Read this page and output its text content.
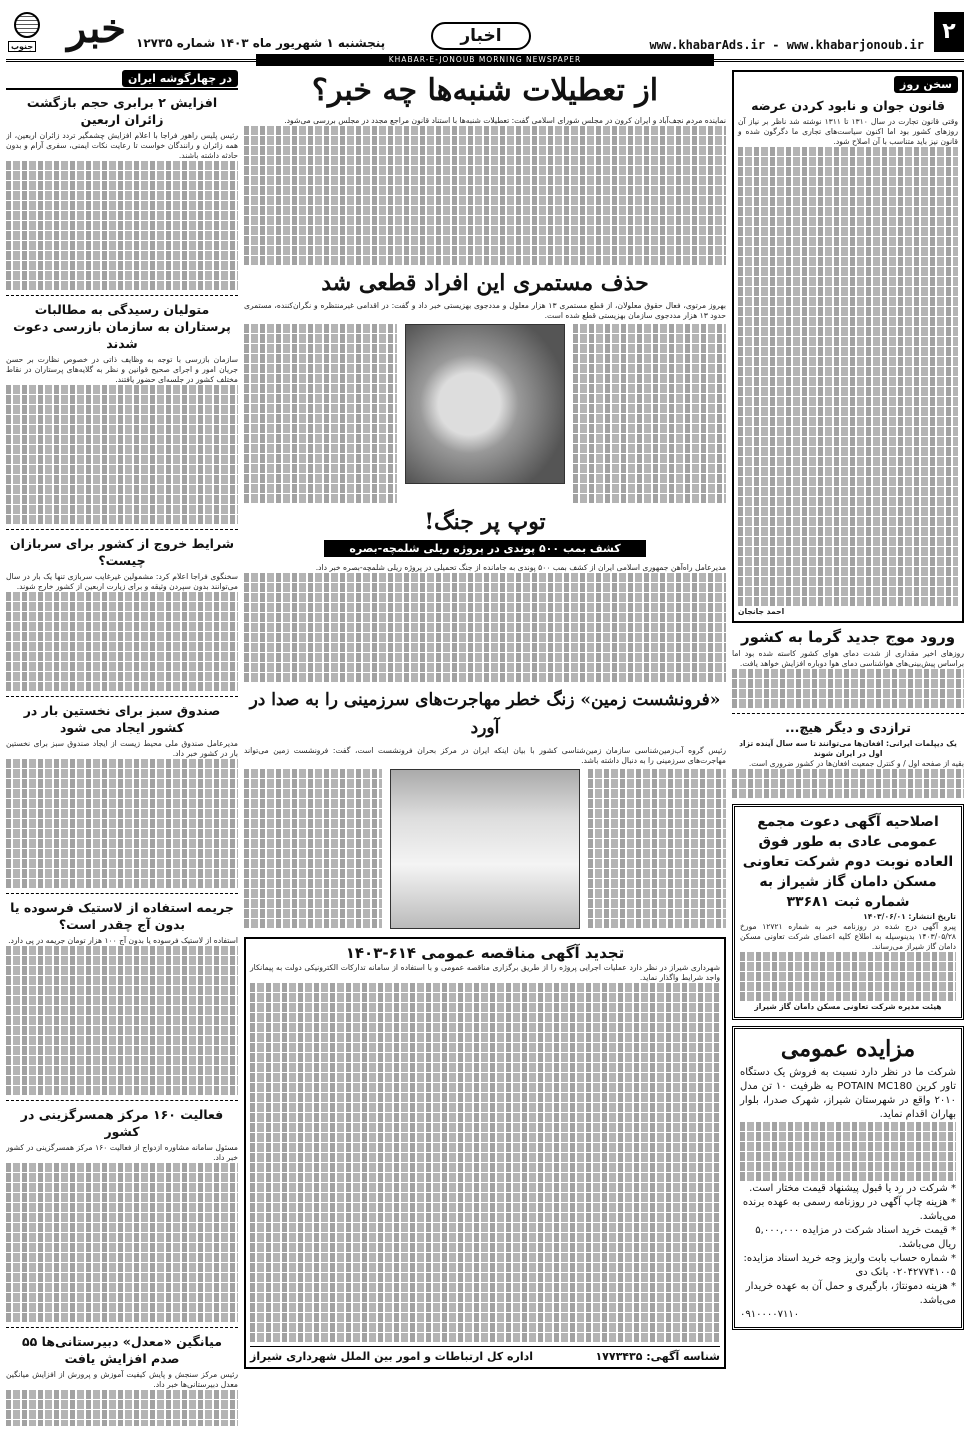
خبر
جنوب	پنجشنبه ۱ شهریور ماه ۱۴۰۳ شماره ۱۲۷۳۵	اخبار	www.khabarAds.ir - www.khabarjonoub.ir
۲
KHABAR-E-JONOUB MORNING NEWSPAPER
در چهارگوشه ایران
افزایش ۲ برابری حجم بازگشت زائران اربعین

رئیس پلیس راهور فراجا با اعلام افزایش چشمگیر تردد زائران اربعین، از همه زائران و رانندگان خواست تا رعایت نکات ایمنی، سفری آرام و بدون حادثه داشته باشند.

متولیان رسیدگی به مطالبات پرستاران به سازمان بازرسی دعوت شدند

سازمان بازرسی با توجه به وظایف ذاتی در خصوص نظارت بر حسن جریان امور و اجرای صحیح قوانین و نظر به گلایه‌های پرستاران در نقاط مختلف کشور در جلسه‌ای حضور یافتند.

شرایط خروج از کشور برای سربازان چیست؟

سخنگوی فراجا اعلام کرد: مشمولین غیرغایب سربازی تنها یک بار در سال می‌توانند بدون سپردن وثیقه و برای زیارت اربعین از کشور خارج شوند.

صندوق سبز برای نخستین بار در کشور ایجاد می شود

مدیرعامل صندوق ملی محیط زیست از ایجاد صندوق سبز برای نخستین بار در کشور خبر داد.

جریمه استفاده از لاستیک فرسوده یا بدون آج چقدر است؟

استفاده از لاستیک فرسوده یا بدون آج ۱۰۰ هزار تومان جریمه در پی دارد.

فعالیت ۱۶۰ مرکز همسرگزینی در کشور

مسئول سامانه مشاوره ازدواج از فعالیت ۱۶۰ مرکز همسرگزینی در کشور خبر داد.

میانگین «معدل» دبیرستانی‌ها ۵۵ صدم افزایش یافت

رئیس مرکز سنجش و پایش کیفیت آموزش و پرورش از افزایش میانگین معدل دبیرستانی‌ها خبر داد.

از تعطیلات شنبه‌ها چه خبر؟

نماینده مردم نجف‌آباد و ایران کرون در مجلس شورای اسلامی گفت: تعطیلات شنبه‌ها با استناد قانون مراجع مجدد در مجلس بررسی می‌شود.

حذف مستمری این افراد قطعی شد

بهروز مرتوی، فعال حقوق معلولان، از قطع مستمری ۱۳ هزار معلول و مددجوی بهزیستی خبر داد و گفت: در اقدامی غیرمنتظره و نگران‌کننده، مستمری حدود ۱۳ هزار مددجوی سازمان بهزیستی قطع شده است.

توپ پر جنگ!
کشف بمب ۵۰۰ پوندی در پروژه ریلی شلمچه-بصره

مدیرعامل راه‌آهن جمهوری اسلامی ایران از کشف بمب ۵۰۰ پوندی به جامانده از جنگ تحمیلی در پروژه ریلی شلمچه-بصره خبر داد.

«فرونشست زمین» زنگ خطر مهاجرت‌های سرزمینی را به صدا در آورد

رئیس گروه آب‌زمین‌شناسی سازمان زمین‌شناسی کشور با بیان اینکه ایران در مرکز بحران فرونشست است، گفت: فرونشست زمین می‌تواند مهاجرت‌های سرزمینی را به دنبال داشته باشد.

تجدید آگهی مناقصه عمومی ۶۱۴-۱۴۰۳

شهرداری شیراز در نظر دارد عملیات اجرایی پروژه را از طریق برگزاری مناقصه عمومی و با استفاده از سامانه تدارکات الکترونیکی دولت به پیمانکار واجد شرایط واگذار نماید.

شناسه آگهی: ۱۷۷۳۴۳۵
اداره کل ارتباطات و امور بین الملل شهرداری شیراز
سخن روز
قانون جوان و نابود کردن عرضه

وقتی قانون تجارت در سال ۱۳۱۰ تا ۱۳۱۱ نوشته شد ناظر بر نیاز آن روزهای کشور بود اما اکنون سیاست‌های تجاری ما دگرگون شده و قانون نیز باید متناسب با آن اصلاح شود.

احمد جانجان
ورود موج جدید گرما به کشور

روزهای اخیر مقداری از شدت دمای هوای کشور کاسته شده بود اما براساس پیش‌بینی‌های هواشناسی دمای هوا دوباره افزایش خواهد یافت.

ترازدی و دیگر هیچ...

یک دیپلمات ایرانی: افغان‌ها می‌توانند تا سه سال آینده تزاد اول در ایران شوند

بقیه از صفحه اول / و کنترل جمعیت افغان‌ها در کشور ضروری است.

اصلاحیه آگهی دعوت مجمع عمومی عادی به طور فوق العاده نوبت دوم شرکت تعاونی مسکن دامان گاز شیراز به شماره ثبت ۳۳۶۸۱
تاریخ انتشار: ۱۴۰۳/۰۶/۰۱

پیرو آگهی درج شده در روزنامه خبر به شماره ۱۲۷۲۱ مورخ ۱۴۰۳/۰۵/۲۸ بدینوسیله به اطلاع کلیه اعضای شرکت تعاونی مسکن دامان گاز شیراز می‌رساند.

هیئت مدیره شرکت تعاونی مسکن دامان گاز شیراز
مزایده عمومی

شرکت ما در نظر دارد نسبت به فروش یک دستگاه تاور کرین POTAIN MC180 به ظرفیت ۱۰ تن مدل ۲۰۱۰ واقع در شهرستان شیراز، شهرک صدرا، بلوار بهاران اقدام نماید.

* شرکت در رد یا قبول پیشنهاد قیمت مختار است.
* هزینه چاپ آگهی در روزنامه رسمی به عهده برنده می‌باشد.
* قیمت خرید اسناد شرکت در مزایده ۵,۰۰۰,۰۰۰ ریال می‌باشد.
* شماره حساب بابت واریز وجه خرید اسناد مزایده: ۰۲۰۴۲۷۷۴۱۰۰۵ بانک دی
* هزینه دمونتاژ، بارگیری و حمل آن به عهده خریدار می‌باشد.
۰۹۱۰۰۰۰۷۱۱۰
